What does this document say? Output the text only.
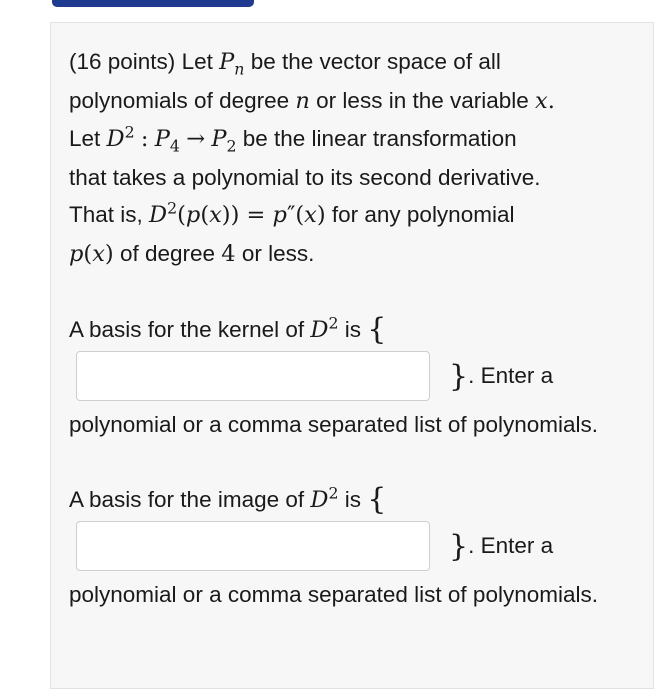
(16 points) Let $P_n$ be the vector space of all
polynomials of degree n or less in the variable x.
Let $D^2$ : $P_4 \to P_2$ be the linear transformation
that takes a polynomial to its second derivative.
That is, $D^2(p(x)) = p''(x)$ for any polynomial
p(x) of degree 4 or less.
A basis for the kernel of $D^2$ is {
}. Enter a
polynomial or a comma separated list of polynomials.
A basis for the image of $D^2$ is {
}. Enter a
polynomial or a comma separated list of polynomials.
